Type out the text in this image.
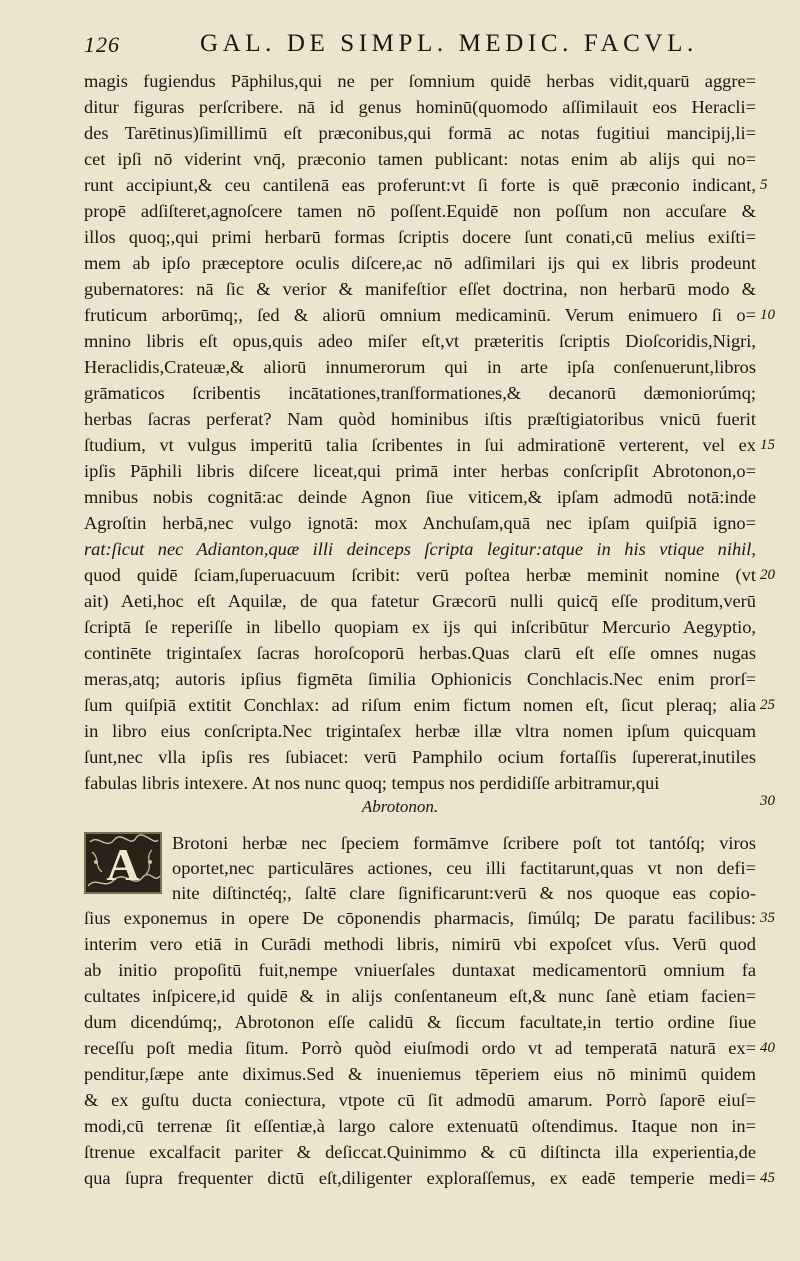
126	GAL. DE SIMPL. MEDIC. FACVL.
magis fugiendus Pāphilus,qui ne per ſomnium quidē herbas vidit,quarū aggre=
ditur figuras perſcribere. nā id genus hominū(quomodo aſſimilauit eos Heracli=
des Tarētinus)ſimillimū eſt præconibus,qui formā ac notas fugitiui mancipij,li=
cet ipſi nō viderint vnq̄, præconio tamen publicant: notas enim ab alijs qui no=
runt accipiunt,& ceu cantilenā eas proferunt:vt ſi forte is quē præconio indicant,
propē adſiſteret,agnoſcere tamen nō poſſent.Equidē non poſſum non accuſare &
illos quoq;,qui primi herbarū formas ſcriptis docere ſunt conati,cū melius exiſti=
mem ab ipſo præceptore oculis diſcere,ac nō adſimilari ijs qui ex libris prodeunt
gubernatores: nā ſic & verior & manifeſtior eſſet doctrina, non herbarū modo &
fruticum arborūmq;, ſed & aliorū omnium medicaminū. Verum enimuero ſi o=
mnino libris eſt opus,quis adeo miſer eſt,vt præteritis ſcriptis Dioſcoridis,Nigri,
Heraclidis,Crateuæ,& aliorū innumerorum qui in arte ipſa conſenuerunt,libros
grāmaticos ſcribentis incātationes,tranſformationes,& decanorū dæmoniorúmq;
herbas ſacras perferat? Nam quòd hominibus iſtis præſtigiatoribus vnicū fuerit
ſtudium, vt vulgus imperitū talia ſcribentes in ſui admirationē verterent, vel ex
ipſis Pāphili libris diſcere liceat,qui primā inter herbas conſcripſit Abrotonon,o=
mnibus nobis cognitā:ac deinde Agnon ſiue viticem,& ipſam admodū notā:inde
Agroſtin herbā,nec vulgo ignotā: mox Anchuſam,quā nec ipſam quiſpiā igno=
rat:ſicut nec Adianton,quæ illi deinceps ſcripta legitur:atque in his vtique nihil,
quod quidē ſciam,ſuperuacuum ſcribit: verū poſtea herbæ meminit nomine (vt
ait) Aeti,hoc eſt Aquilæ, de qua fatetur Græcorū nulli quicq̄ eſſe proditum,verū
ſcriptā ſe reperiſſe in libello quopiam ex ijs qui inſcribūtur Mercurio Aegyptio,
continēte trigintaſex ſacras horoſcoporū herbas.Quas clarū eſt eſſe omnes nugas
meras,atq; autoris ipſius figmēta ſimilia Ophionicis Conchlacis.Nec enim prorſ=
ſum quiſpiā extitit Conchlax: ad riſum enim fictum nomen eſt, ſicut pleraq; alia
in libro eius conſcripta.Nec trigintaſex herbæ illæ vltra nomen ipſum quicquam
ſunt,nec vlla ipſis res ſubiacet: verū Pamphilo ocium fortaſſis ſupererat,inutiles
fabulas libris intexere. At nos nunc quoq; tempus nos perdidiſſe arbitramur,qui
Abrotonon.
A Brotoni herbæ nec ſpeciem formāmve ſcribere poſt tot tantóſq; viros
oportet,nec particulāres actiones, ceu illi factitarunt,quas vt non defi=
nite diſtinctéq;, ſaltē clare ſignificarunt:verū & nos quoque eas copio-
ſius exponemus in opere De cōponendis pharmacis, ſimúlq; De paratu facilibus:
interim vero etiā in Curādi methodi libris, nimirū vbi expoſcet vſus. Verū quod
ab initio propoſitū fuit,nempe vniuerſales duntaxat medicamentorū omnium fa
cultates inſpicere,id quidē & in alijs conſentaneum eſt,& nunc ſanè etiam facien=
dum dicendúmq;, Abrotonon eſſe calidū & ſiccum facultate,in tertio ordine ſiue
receſſu poſt media ſitum. Porrò quòd eiuſmodi ordo vt ad temperatā naturā ex=
penditur,ſæpe ante diximus.Sed & inueniemus tēperiem eius nō minimū quidem
& ex guſtu ducta coniectura, vtpote cū ſit admodū amarum. Porrò ſaporē eiuſ=
modi,cū terrenæ ſit eſſentiæ,à largo calore extenuatū oſtendimus. Itaque non in=
ſtrenue excalfacit pariter & deſiccat.Quinimmo & cū diſtincta illa experientia,de
qua ſupra frequenter dictū eſt,diligenter exploraſſemus, ex eadē temperie medi=
5
10
15
20
25
30
35
40
45
